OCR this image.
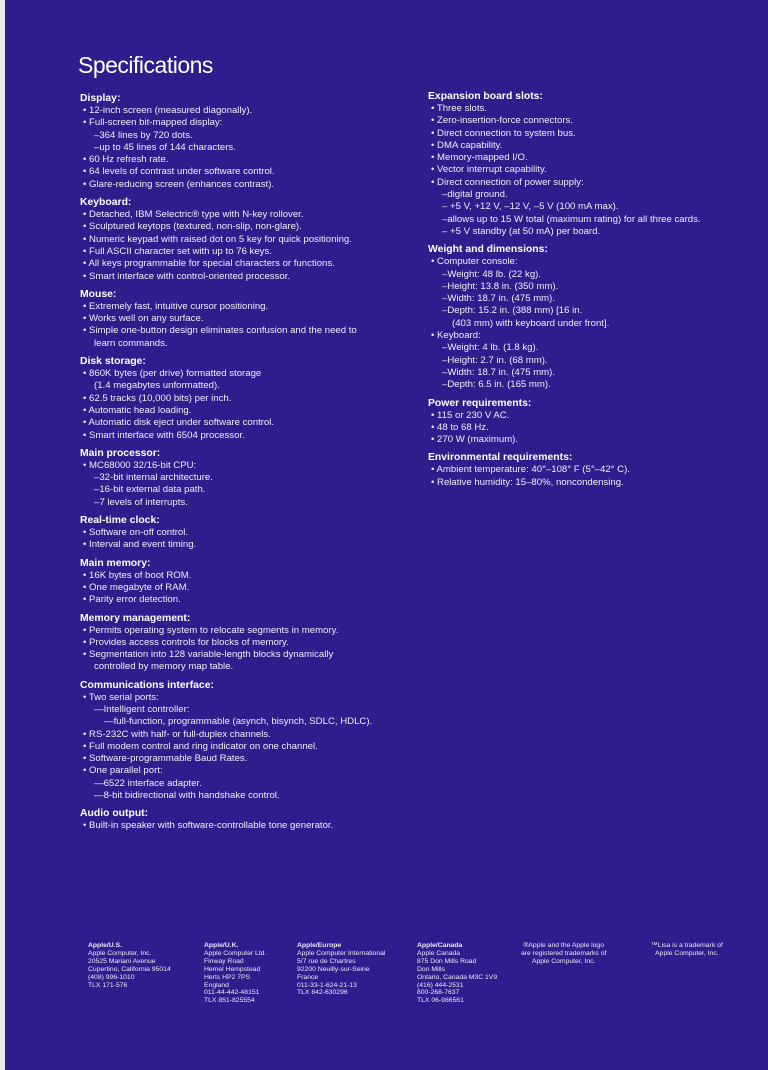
Specifications
Display:
• 12-inch screen (measured diagonally).
• Full-screen bit-mapped display:
–364 lines by 720 dots.
–up to 45 lines of 144 characters.
• 60 Hz refresh rate.
• 64 levels of contrast under software control.
• Glare-reducing screen (enhances contrast).
Keyboard:
• Detached, IBM Selectric® type with N-key rollover.
• Sculptured keytops (textured, non-slip, non-glare).
• Numeric keypad with raised dot on 5 key for quick positioning.
• Full ASCII character set with up to 76 keys.
• All keys programmable for special characters or functions.
• Smart interface with control-oriented processor.
Mouse:
• Extremely fast, intuitive cursor positioning.
• Works well on any surface.
• Simple one-button design eliminates confusion and the need to
learn commands.
Disk storage:
• 860K bytes (per drive) formatted storage
(1.4 megabytes unformatted).
• 62.5 tracks (10,000 bits) per inch.
• Automatic head loading.
• Automatic disk eject under software control.
• Smart interface with 6504 processor.
Main processor:
• MC68000 32/16-bit CPU:
–32-bit internal architecture.
–16-bit external data path.
–7 levels of interrupts.
Real-time clock:
• Software on-off control.
• Interval and event timing.
Main memory:
• 16K bytes of boot ROM.
• One megabyte of RAM.
• Parity error detection.
Memory management:
• Permits operating system to relocate segments in memory.
• Provides access controls for blocks of memory.
• Segmentation into 128 variable-length blocks dynamically
controlled by memory map table.
Communications interface:
• Two serial ports:
—Intelligent controller:
—full-function, programmable (asynch, bisynch, SDLC, HDLC).
• RS-232C with half- or full-duplex channels.
• Full modem control and ring indicator on one channel.
• Software-programmable Baud Rates.
• One parallel port:
—6522 interface adapter.
—8-bit bidirectional with handshake control.
Audio output:
• Built-in speaker with software-controllable tone generator.
Expansion board slots:
• Three slots.
• Zero-insertion-force connectors.
• Direct connection to system bus.
• DMA capability.
• Memory-mapped I/O.
• Vector interrupt capability.
• Direct connection of power supply:
–digital ground.
– +5 V, +12 V, –12 V, –5 V (100 mA max).
–allows up to 15 W total (maximum rating) for all three cards.
– +5 V standby (at 50 mA) per board.
Weight and dimensions:
• Computer console:
–Weight: 48 lb. (22 kg).
–Height: 13.8 in. (350 mm).
–Width: 18.7 in. (475 mm).
–Depth: 15.2 in. (388 mm) [16 in.
(403 mm) with keyboard under front].
• Keyboard:
–Weight: 4 lb. (1.8 kg).
–Height: 2.7 in. (68 mm).
–Width: 18.7 in. (475 mm).
–Depth: 6.5 in. (165 mm).
Power requirements:
• 115 or 230 V AC.
• 48 to 68 Hz.
• 270 W (maximum).
Environmental requirements:
• Ambient temperature: 40°–108° F (5°–42° C).
• Relative humidity: 15–80%, noncondensing.
Apple/U.S.
Apple Computer, Inc.
20525 Mariani Avenue
Cupertino, California 95014
(408) 996-1010
TLX 171-576
Apple/U.K.
Apple Computer Ltd.
Finway Road
Hemel Hempstead
Herts HP2 7PS
England
011-44-442-48151
TLX 851-825554
Apple/Europe
Apple Computer International
5/7 rue de Chartres
92200 Neuilly-sur-Seine
France
011-33-1-624-21-13
TLX 842-630296
Apple/Canada
Apple Canada
875 Don Mills Road
Don Mills
Ontario, Canada M3C 1V9
(416) 444-2531
800-268-7637
TLX 06-986561
®Apple and the Apple logo
are registered trademarks of
Apple Computer, Inc.
™Lisa is a trademark of
Apple Computer, Inc.
